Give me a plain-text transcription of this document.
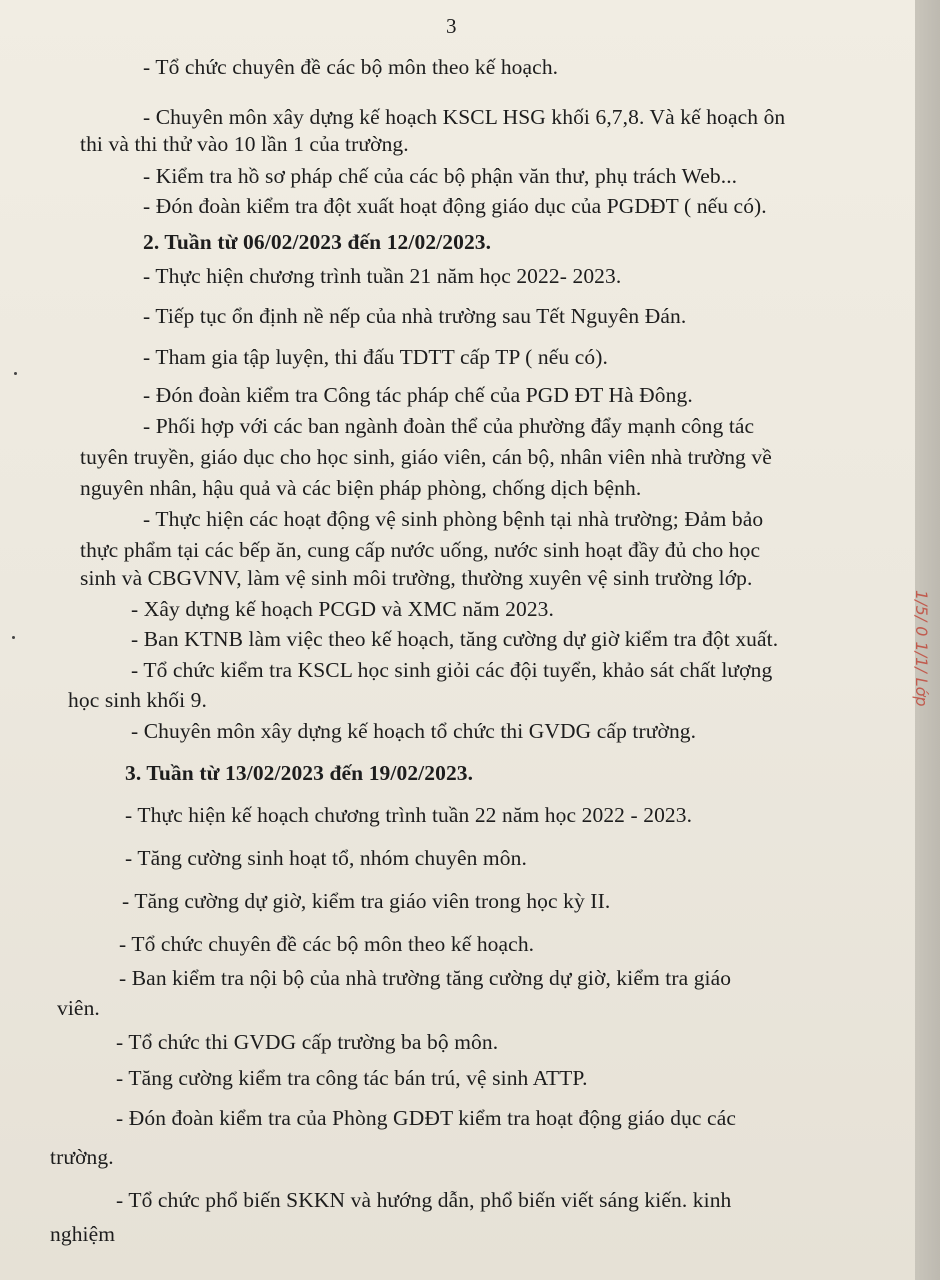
3
- Tổ chức chuyên đề các bộ môn theo kế hoạch.
- Chuyên môn xây dựng kế hoạch KSCL HSG khối 6,7,8. Và kế hoạch ôn
thi và thi thử vào 10 lần 1 của trường.
- Kiểm tra hồ sơ pháp chế của các bộ phận văn thư, phụ trách Web...
- Đón đoàn kiểm tra đột xuất hoạt động giáo dục của PGDĐT ( nếu có).
2. Tuần từ 06/02/2023 đến 12/02/2023.
- Thực hiện chương trình tuần 21 năm học 2022- 2023.
- Tiếp tục ổn định nề nếp của nhà trường sau Tết Nguyên Đán.
- Tham gia tập luyện, thi đấu TDTT cấp TP ( nếu có).
- Đón đoàn kiểm tra Công tác pháp chế của PGD ĐT Hà Đông.
- Phối hợp với các ban ngành đoàn thể của phường đẩy mạnh công tác
tuyên truyền, giáo dục cho học sinh, giáo viên, cán bộ, nhân viên nhà trường về
nguyên nhân, hậu quả và các biện pháp phòng, chống dịch bệnh.
- Thực hiện các hoạt động vệ sinh phòng bệnh tại nhà trường; Đảm bảo
thực phẩm tại các bếp ăn, cung cấp nước uống, nước sinh hoạt đầy đủ cho học
sinh và CBGVNV, làm vệ sinh môi trường, thường xuyên vệ sinh trường lớp.
- Xây dựng kế hoạch PCGD và XMC năm 2023.
- Ban KTNB làm việc theo kế hoạch, tăng cường dự giờ kiểm tra đột xuất.
- Tổ chức kiểm tra KSCL học sinh giỏi các đội tuyển, khảo sát chất lượng
học sinh khối 9.
- Chuyên môn xây dựng kế hoạch tổ chức thi GVDG cấp trường.
3. Tuần từ 13/02/2023 đến 19/02/2023.
- Thực hiện kế hoạch chương trình tuần 22 năm học 2022 - 2023.
- Tăng cường sinh hoạt tổ, nhóm chuyên môn.
- Tăng cường dự giờ, kiểm tra giáo viên trong học kỳ II.
- Tổ chức chuyên đề các bộ môn theo kế hoạch.
- Ban kiểm tra nội bộ của nhà trường tăng cường dự giờ, kiểm tra giáo
viên.
- Tổ chức thi GVDG cấp trường ba bộ môn.
- Tăng cường kiểm tra công tác bán trú, vệ sinh ATTP.
- Đón đoàn kiểm tra của Phòng GDĐT kiểm tra hoạt động giáo dục các
trường.
- Tổ chức phổ biến SKKN và hướng dẫn, phổ biến viết sáng kiến. kinh
nghiệm
1/5/ 0 1/1/ Lớp
